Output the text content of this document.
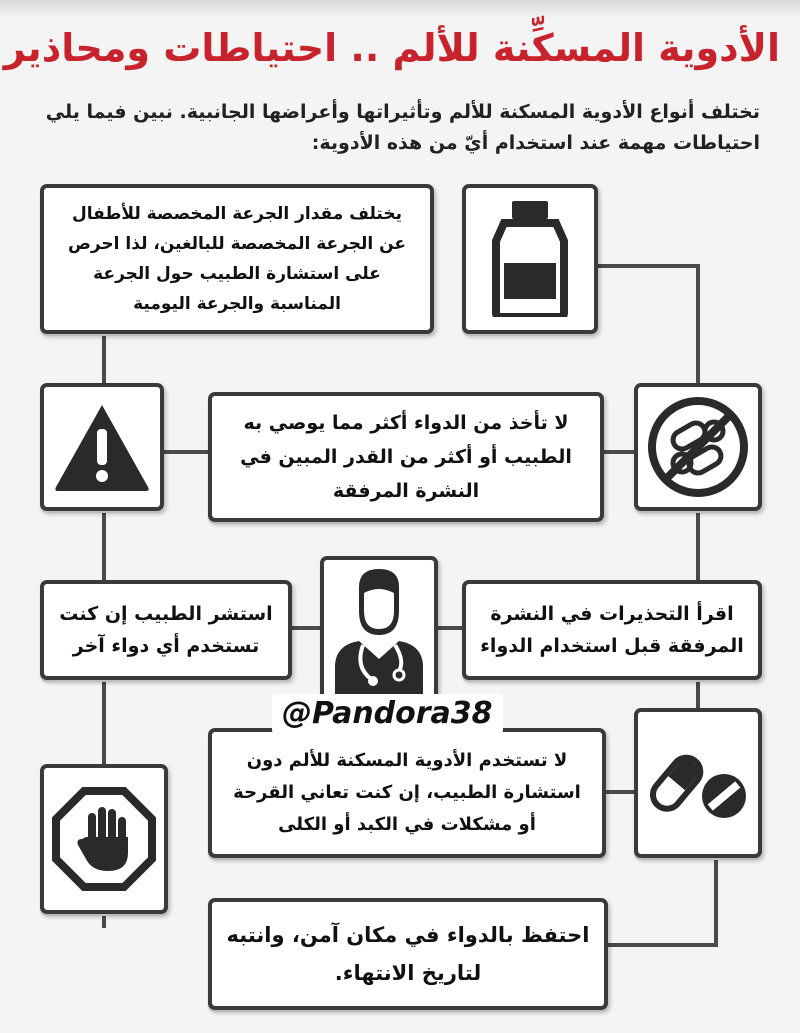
الأدوية المسكِّنة للألم .. احتياطات ومحاذير
تختلف أنواع الأدوية المسكنة للألم وتأثيراتها وأعراضها الجانبية. نبين فيما يلي احتياطات مهمة عند استخدام أيّ من هذه الأدوية:
يختلف مقدار الجرعة المخصصة للأطفال عن الجرعة المخصصة للبالغين، لذا احرص على استشارة الطبيب حول الجرعة المناسبة والجرعة اليومية
لا تأخذ من الدواء أكثر مما يوصي به الطبيب أو أكثر من القدر المبين في النشرة المرفقة
استشر الطبيب إن كنت تستخدم أي دواء آخر
اقرأ التحذيرات في النشرة المرفقة قبل استخدام الدواء
لا تستخدم الأدوية المسكنة للألم دون استشارة الطبيب، إن كنت تعاني القرحة أو مشكلات في الكبد أو الكلى
احتفظ بالدواء في مكان آمن، وانتبه لتاريخ الانتهاء.
@Pandora38
